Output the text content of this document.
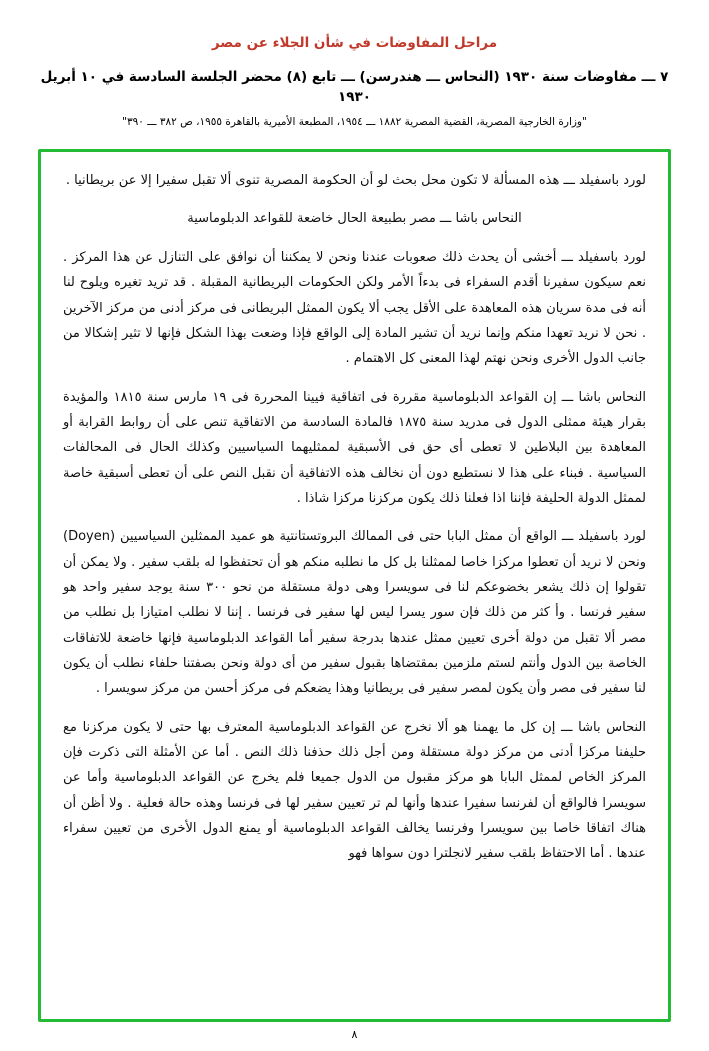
مراحل المفاوضات في شأن الجلاء عن مصر
٧ ـــ مفاوضات سنة ١٩٣٠ (النحاس ـــ هندرسن) ـــ تابع (٨) محضر الجلسة السادسة في ١٠ أبريل ١٩٣٠
"وزارة الخارجية المصرية، القضية المصرية ١٨٨٢ ـــ ١٩٥٤، المطبعة الأميرية بالقاهرة ١٩٥٥، ص ٣٨٢ ـــ ٣٩٠"

لورد باسفيلد ـــ هذه المسألة لا تكون محل بحث لو أن الحكومة المصرية تنوى ألا تقبل سفيرا إلا عن بريطانيا .

النحاس باشا ـــ مصر بطبيعة الحال خاضعة للقواعد الدبلوماسية

لورد باسفيلد ـــ أخشى أن يحدث ذلك صعوبات عندنا ونحن لا يمكننا أن نوافق على التنازل عن هذا المركز . نعم سيكون سفيرنا أقدم السفراء فى بدءاً الأمر ولكن الحكومات البريطانية المقبلة . قد تريد تغيره ويلوح لنا أنه فى مدة سريان هذه المعاهدة على الأقل يجب ألا يكون الممثل البريطانى فى مركز أدنى من مركز الآخرين . نحن لا نريد تعهدا منكم وإنما نريد أن تشير المادة إلى الواقع فإذا وضعت بهذا الشكل فإنها لا تثير إشكالا من جانب الدول الأخرى ونحن نهتم لهذا المعنى كل الاهتمام .

النحاس باشا ـــ إن القواعد الدبلوماسية مقررة فى اتفاقية فيينا المحررة فى ١٩ مارس سنة ١٨١٥ والمؤيدة بقرار هيئة ممثلى الدول فى مدريد سنة ١٨٧٥ فالمادة السادسة من الاتفاقية تنص على أن روابط القرابة أو المعاهدة بين البلاطين لا تعطى أى حق فى الأسبقية لممثليهما السياسيين وكذلك الحال فى المحالفات السياسية . فبناء على هذا لا نستطيع دون أن نخالف هذه الاتفاقية أن نقبل النص على أن تعطى أسبقية خاصة لممثل الدولة الحليفة فإننا اذا فعلنا ذلك يكون مركزنا مركزا شاذا .

لورد باسفيلد ـــ الواقع أن ممثل البابا حتى فى الممالك البروتستانتية هو عميد الممثلين السياسيين (Doyen) ونحن لا نريد أن تعطوا مركزا خاصا لممثلنا بل كل ما نطلبه منكم هو أن تحتفظوا له بلقب سفير . ولا يمكن أن تقولوا إن ذلك يشعر بخضوعكم لنا فى سويسرا وهى دولة مستقلة من نحو ٣٠٠ سنة يوجد سفير واحد هو سفير فرنسا . وأ كثر من ذلك فإن سور يسرا ليس لها سفير فى فرنسا . إننا لا نطلب امتيازا بل نطلب من مصر ألا تقبل من دولة أخرى تعيين ممثل عندها بدرجة سفير أما القواعد الدبلوماسية فإنها خاضعة للاتفاقات الخاصة بين الدول وأنتم لستم ملزمين بمقتضاها بقبول سفير من أى دولة ونحن بصفتنا حلفاء نطلب أن يكون لنا سفير فى مصر وأن يكون لمصر سفير فى بريطانيا وهذا يضعكم فى مركز أحسن من مركز سويسرا .

النحاس باشا ـــ إن كل ما يهمنا هو ألا نخرج عن القواعد الدبلوماسية المعترف بها حتى لا يكون مركزنا مع حليفنا مركزا أدنى من مركز دولة مستقلة ومن أجل ذلك حذفنا ذلك النص . أما عن الأمثلة التى ذكرت فإن المركز الخاص لممثل البابا هو مركز مقبول من الدول جميعا فلم يخرج عن القواعد الدبلوماسية وأما عن سويسرا فالواقع أن لفرنسا سفيرا عندها وأنها لم تر تعيين سفير لها فى فرنسا وهذه حالة فعلية . ولا أظن أن هناك اتفاقا خاصا بين سويسرا وفرنسا يخالف القواعد الدبلوماسية أو يمنع الدول الأخرى من تعيين سفراء عندها . أما الاحتفاظ بلقب سفير لانجلترا دون سواها فهو

٨
